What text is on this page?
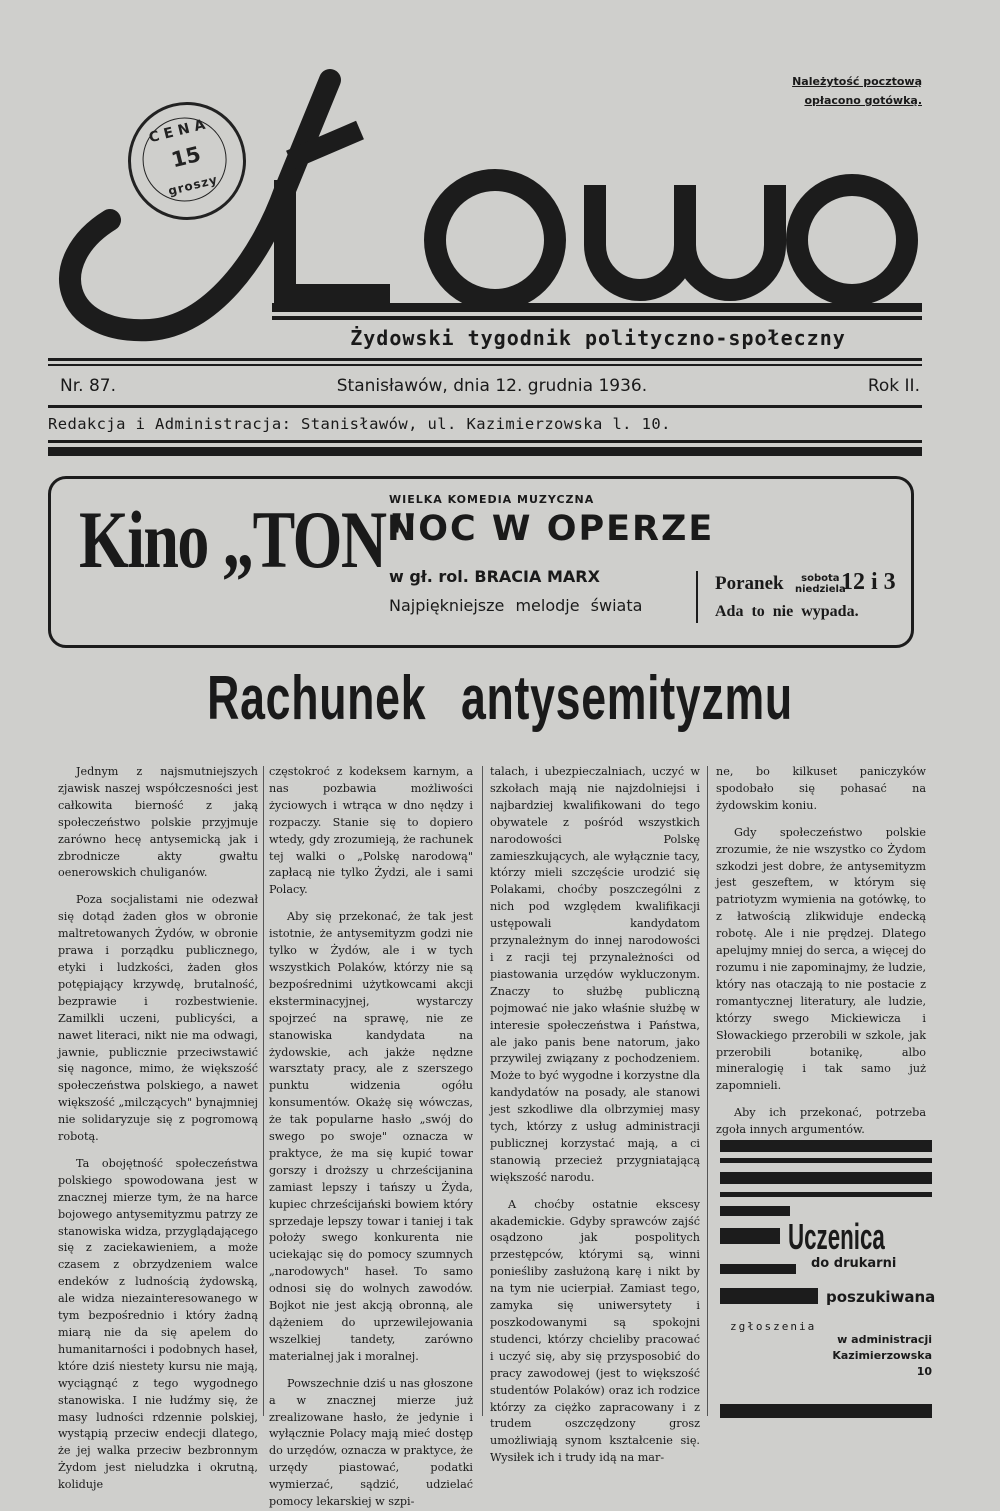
CENA
15
groszy
Należytość pocztową
opłacono gotówką.
Żydowski tygodnik polityczno-społeczny
Nr. 87.	Stanisławów, dnia 12. grudnia 1936.	Rok II.
Redakcja i Administracja: Stanisławów, ul. Kazimierzowska l. 10.
Kino „TON"
WIELKA KOMEDIA MUZYCZNA
NOC W OPERZE
w gł. rol. BRACIA MARX
Najpiękniejsze melodje świata
Poranek	sobota
niedziela
12 i 3
Ada to nie wypada.
Rachunek antysemityzmu

Jednym z najsmutniejszych zjawisk naszej współczesności jest całkowita bierność z jaką społeczeństwo polskie przyjmuje zarówno hecę antysemicką jak i zbrodnicze akty gwałtu oenerowskich chuliganów.

Poza socjalistami nie odezwał się dotąd żaden głos w obronie maltretowanych Żydów, w obronie prawa i porządku publicznego, etyki i ludzkości, żaden głos potępiający krzywdę, brutalność, bezprawie i rozbestwienie. Zamilkli uczeni, publicyści, a nawet literaci, nikt nie ma odwagi, jawnie, publicznie przeciwstawić się nagonce, mimo, że większość społeczeństwa polskiego, a nawet większość „milczących" bynajmniej nie solidaryzuje się z pogromową robotą.

Ta obojętność społeczeństwa polskiego spowodowana jest w znacznej mierze tym, że na harce bojowego antysemityzmu patrzy ze stanowiska widza, przyglądającego się z zaciekawieniem, a może czasem z obrzydzeniem walce endeków z ludnością żydowską, ale widza niezainteresowanego w tym bezpośrednio i który żadną miarą nie da się apelem do humanitarności i podobnych haseł, które dziś niestety kursu nie mają, wyciągnąć z tego wygodnego stanowiska. I nie łudźmy się, że masy ludności rdzennie polskiej, wystąpią przeciw endecji dlatego, że jej walka przeciw bezbronnym Żydom jest nieludzka i okrutną, koliduje

częstokroć z kodeksem karnym, a nas pozbawia możliwości życiowych i wtrąca w dno nędzy i rozpaczy. Stanie się to dopiero wtedy, gdy zrozumieją, że rachunek tej walki o „Polskę narodową" zapłacą nie tylko Żydzi, ale i sami Polacy.

Aby się przekonać, że tak jest istotnie, że antysemityzm godzi nie tylko w Żydów, ale i w tych wszystkich Polaków, którzy nie są bezpośrednimi użytkowcami akcji eksterminacyjnej, wystarczy spojrzeć na sprawę, nie ze stanowiska kandydata na żydowskie, ach jakże nędzne warsztaty pracy, ale z szerszego punktu widzenia ogółu konsumentów. Okażę się wówczas, że tak popularne hasło „swój do swego po swoje" oznacza w praktyce, że ma się kupić towar gorszy i droższy u chrześcijanina zamiast lepszy i tańszy u Żyda, kupiec chrześcijański bowiem który sprzedaje lepszy towar i taniej i tak położy swego konkurenta nie uciekając się do pomocy szumnych „narodowych" haseł. To samo odnosi się do wolnych zawodów. Bojkot nie jest akcją obronną, ale dążeniem do uprzewilejowania wszelkiej tandety, zarówno materialnej jak i moralnej.

Powszechnie dziś u nas głoszone a w znacznej mierze już zrealizowane hasło, że jedynie i wyłącznie Polacy mają mieć dostęp do urzędów, oznacza w praktyce, że urzędy piastować, podatki wymierzać, sądzić, udzielać pomocy lekarskiej w szpi-

talach, i ubezpieczalniach, uczyć w szkołach mają nie najzdolniejsi i najbardziej kwalifikowani do tego obywatele z pośród wszystkich narodowości Polskę zamieszkujących, ale wyłącznie tacy, którzy mieli szczęście urodzić się Polakami, choćby poszczególni z nich pod względem kwalifikacji ustępowali kandydatom przynależnym do innej narodowości i z racji tej przynależności od piastowania urzędów wykluczonym. Znaczy to służbę publiczną pojmować nie jako właśnie służbę w interesie społeczeństwa i Państwa, ale jako panis bene natorum, jako przywilej związany z pochodzeniem. Może to być wygodne i korzystne dla kandydatów na posady, ale stanowi jest szkodliwe dla olbrzymiej masy tych, którzy z usług administracji publicznej korzystać mają, a ci stanowią przecież przygniatającą większość narodu.

A choćby ostatnie ekscesy akademickie. Gdyby sprawców zajść osądzono jak pospolitych przestępców, którymi są, winni ponieśliby zasłużoną karę i nikt by na tym nie ucierpiał. Zamiast tego, zamyka się uniwersytety i poszkodowanymi są spokojni studenci, którzy chcieliby pracować i uczyć się, aby się przysposobić do pracy zawodowej (jest to większość studentów Polaków) oraz ich rodzice którzy za ciężko zapracowany i z trudem oszczędzony grosz umożliwiają synom kształcenie się. Wysiłek ich i trudy idą na mar-

ne, bo kilkuset paniczyków spodobało się pohasać na żydowskim koniu.

Gdy społeczeństwo polskie zrozumie, że nie wszystko co Żydom szkodzi jest dobre, że antysemityzm jest geszeftem, w którym się patriotyzm wymienia na gotówkę, to z łatwością zlikwiduje endecką robotę. Ale i nie prędzej. Dlatego apelujmy mniej do serca, a więcej do rozumu i nie zapominajmy, że ludzie, który nas otaczają to nie postacie z romantycznej literatury, ale ludzie, którzy swego Mickiewicza i Słowackiego przerobili w szkole, jak przerobili botanikę, albo mineralogię i tak samo już zapomnieli.

Aby ich przekonać, potrzeba zgoła innych argumentów.

Uczenica
do drukarni
poszukiwana
zgłoszenia
w administracji
Kazimierzowska 10
